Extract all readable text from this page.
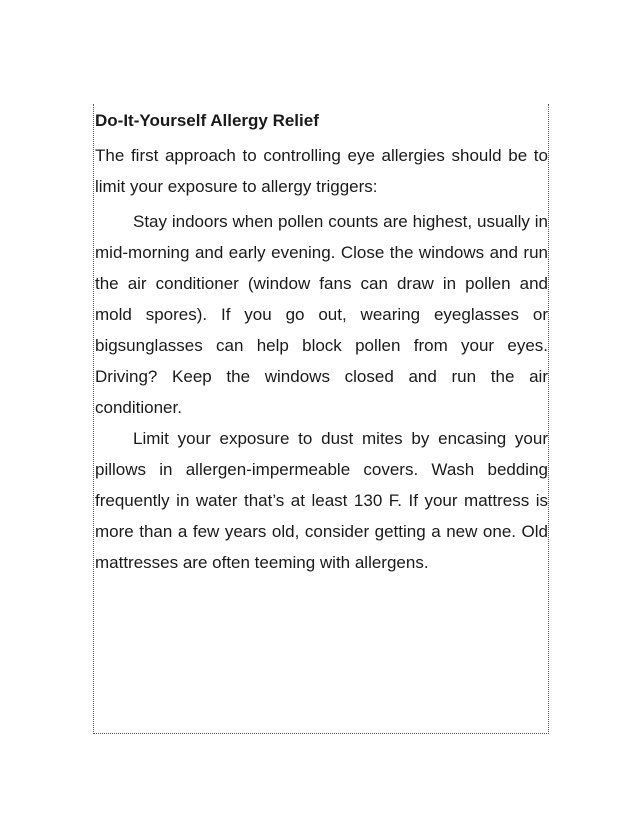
Do-It-Yourself Allergy Relief

The first approach to controlling eye allergies should be to limit your exposure to allergy triggers:

Stay indoors when pollen counts are highest, usually in mid-morning and early evening. Close the windows and run the air conditioner (window fans can draw in pollen and mold spores). If you go out, wearing eyeglasses or bigsunglasses can help block pollen from your eyes. Driving? Keep the windows closed and run the air conditioner.

Limit your exposure to dust mites by encasing your pillows in allergen-impermeable covers. Wash bedding frequently in water that’s at least 130 F. If your mattress is more than a few years old, consider getting a new one. Old mattresses are often teeming with allergens.
